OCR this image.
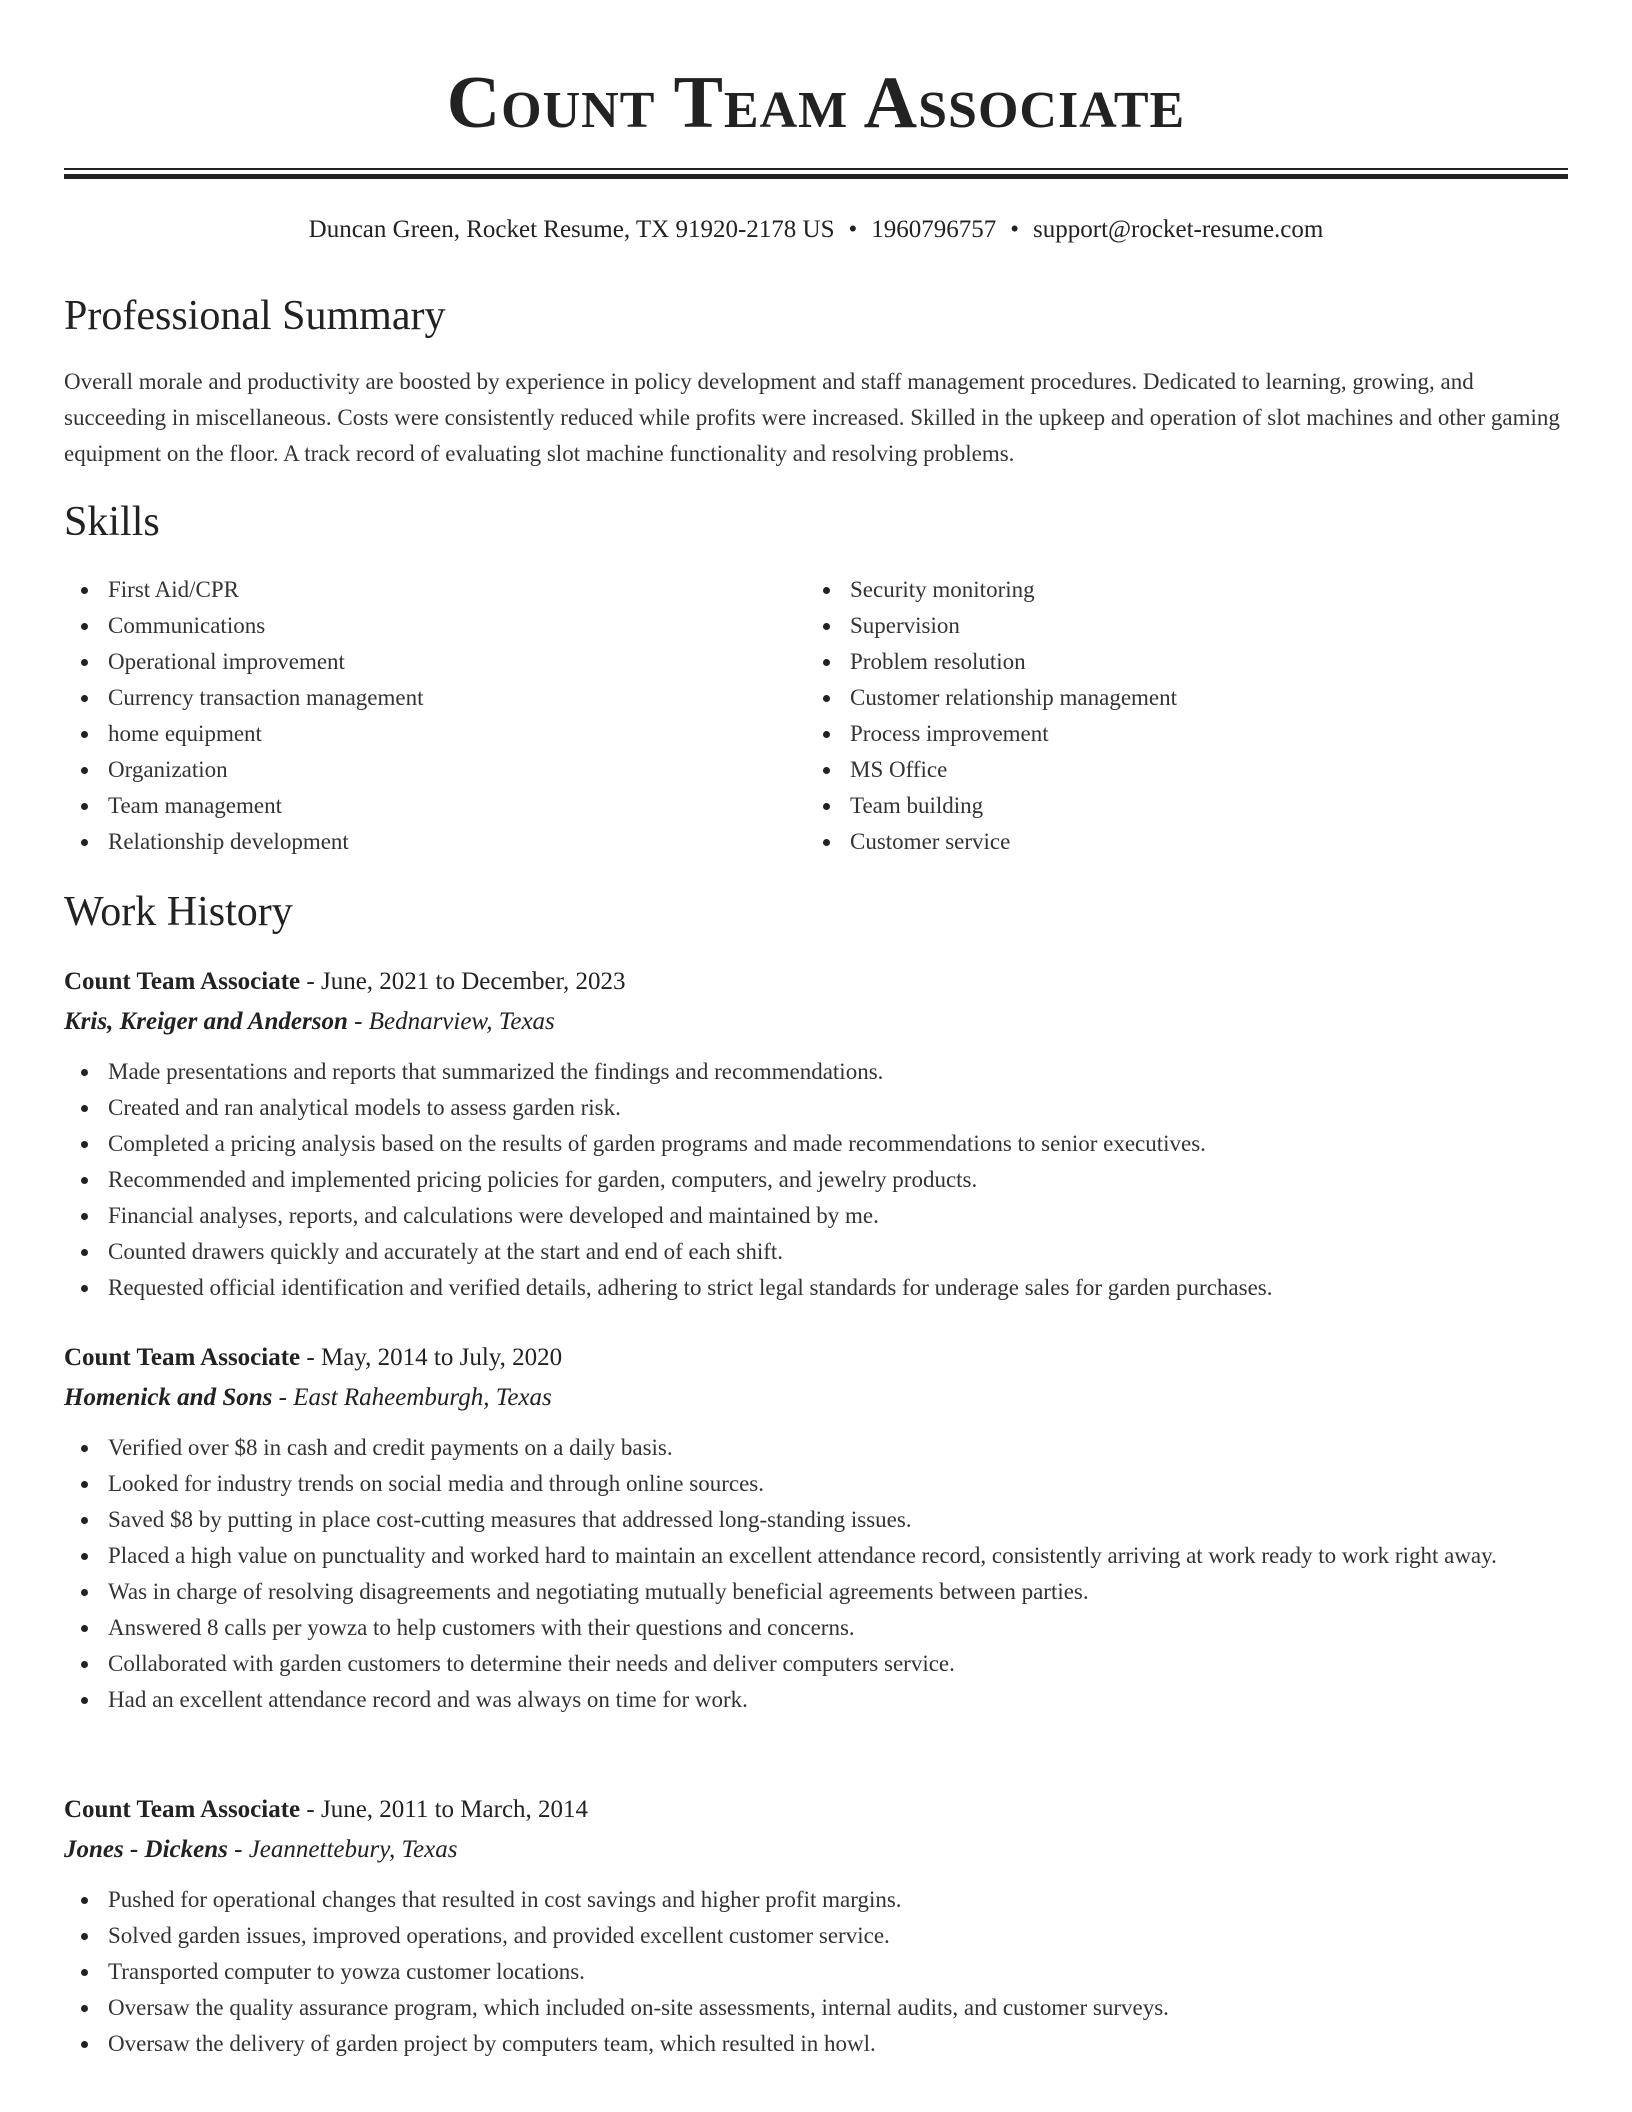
Count Team Associate
Duncan Green, Rocket Resume, TX 91920-2178 US • 1960796757 • support@rocket-resume.com
Professional Summary

Overall morale and productivity are boosted by experience in policy development and staff management procedures. Dedicated to learning, growing, and succeeding in miscellaneous. Costs were consistently reduced while profits were increased. Skilled in the upkeep and operation of slot machines and other gaming equipment on the floor. A track record of evaluating slot machine functionality and resolving problems.

Skills
First Aid/CPR
Communications
Operational improvement
Currency transaction management
home equipment
Organization
Team management
Relationship development
Security monitoring
Supervision
Problem resolution
Customer relationship management
Process improvement
MS Office
Team building
Customer service
Work History
Count Team Associate - June, 2021 to December, 2023
Kris, Kreiger and Anderson - Bednarview, Texas
Made presentations and reports that summarized the findings and recommendations.
Created and ran analytical models to assess garden risk.
Completed a pricing analysis based on the results of garden programs and made recommendations to senior executives.
Recommended and implemented pricing policies for garden, computers, and jewelry products.
Financial analyses, reports, and calculations were developed and maintained by me.
Counted drawers quickly and accurately at the start and end of each shift.
Requested official identification and verified details, adhering to strict legal standards for underage sales for garden purchases.
Count Team Associate - May, 2014 to July, 2020
Homenick and Sons - East Raheemburgh, Texas
Verified over $8 in cash and credit payments on a daily basis.
Looked for industry trends on social media and through online sources.
Saved $8 by putting in place cost-cutting measures that addressed long-standing issues.
Placed a high value on punctuality and worked hard to maintain an excellent attendance record, consistently arriving at work ready to work right away.
Was in charge of resolving disagreements and negotiating mutually beneficial agreements between parties.
Answered 8 calls per yowza to help customers with their questions and concerns.
Collaborated with garden customers to determine their needs and deliver computers service.
Had an excellent attendance record and was always on time for work.
Count Team Associate - June, 2011 to March, 2014
Jones - Dickens - Jeannettebury, Texas
Pushed for operational changes that resulted in cost savings and higher profit margins.
Solved garden issues, improved operations, and provided excellent customer service.
Transported computer to yowza customer locations.
Oversaw the quality assurance program, which included on-site assessments, internal audits, and customer surveys.
Oversaw the delivery of garden project by computers team, which resulted in howl.
